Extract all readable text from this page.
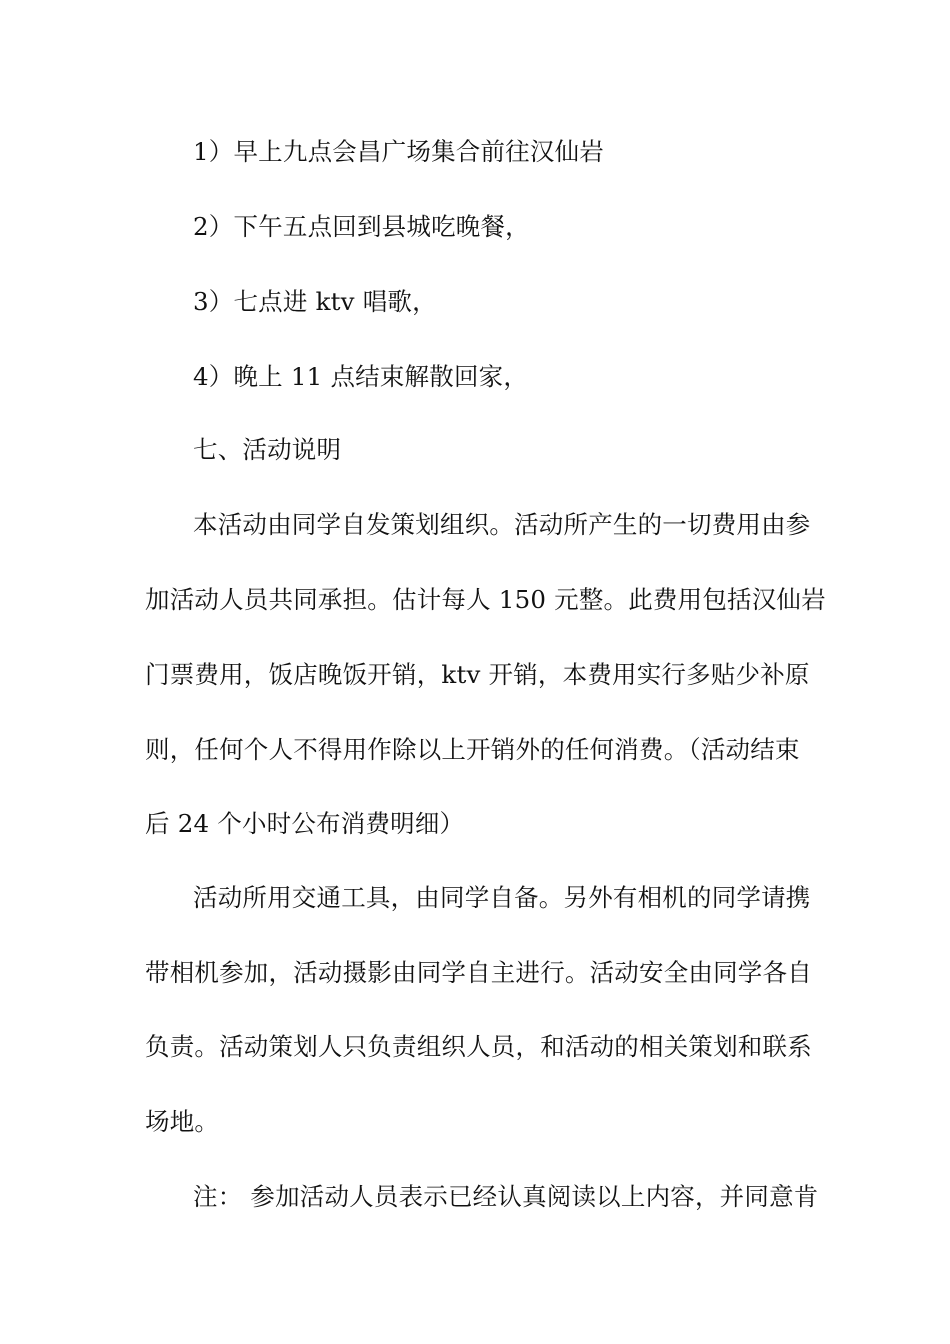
1）早上九点会昌广场集合前往汉仙岩
2）下午五点回到县城吃晚餐，
3）七点进 ktv 唱歌，
4）晚上 11 点结束解散回家，
七、活动说明
本活动由同学自发策划组织。活动所产生的一切费用由参
加活动人员共同承担。估计每人 150 元整。此费用包括汉仙岩
门票费用，饭店晚饭开销，ktv 开销，本费用实行多贴少补原
则，任何个人不得用作除以上开销外的任何消费。（活动结束
后 24 个小时公布消费明细）
活动所用交通工具，由同学自备。另外有相机的同学请携
带相机参加，活动摄影由同学自主进行。活动安全由同学各自
负责。活动策划人只负责组织人员，和活动的相关策划和联系
场地。
注： 参加活动人员表示已经认真阅读以上内容，并同意肯
